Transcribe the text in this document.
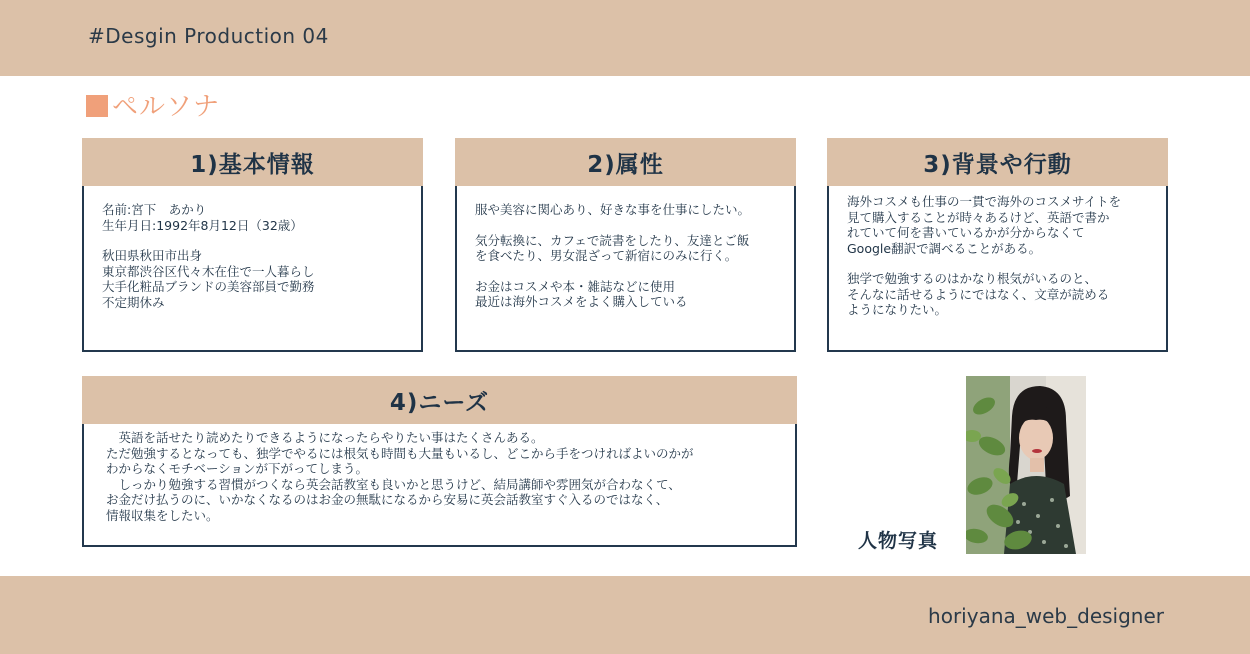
#Desgin Production 04
ペルソナ
1)基本情報

名前:宮下　あかり
生年月日:1992年8月12日（32歳）

秋田県秋田市出身
東京都渋谷区代々木在住で一人暮らし
大手化粧品ブランドの美容部員で勤務
不定期休み

2)属性

服や美容に関心あり、好きな事を仕事にしたい。

気分転換に、カフェで読書をしたり、友達とご飯
を食べたり、男女混ざって新宿にのみに行く。

お金はコスメや本・雑誌などに使用
最近は海外コスメをよく購入している

3)背景や行動

海外コスメも仕事の一貫で海外のコスメサイトを
見て購入することが時々あるけど、英語で書か
れていて何を書いているかが分からなくて
Google翻訳で調べることがある。

独学で勉強するのはかなり根気がいるのと、
そんなに話せるようにではなく、文章が読める
ようになりたい。

4)ニーズ
　英語を話せたり読めたりできるようになったらやりたい事はたくさんある。
ただ勉強するとなっても、独学でやるには根気も時間も大量もいるし、どこから手をつければよいのかが
わからなくモチベーションが下がってしまう。
　しっかり勉強する習慣がつくなら英会話教室も良いかと思うけど、結局講師や雰囲気が合わなくて、
お金だけ払うのに、いかなくなるのはお金の無駄になるから安易に英会話教室すぐ入るのではなく、
情報収集をしたい。
人物写真
horiyana_web_designer
